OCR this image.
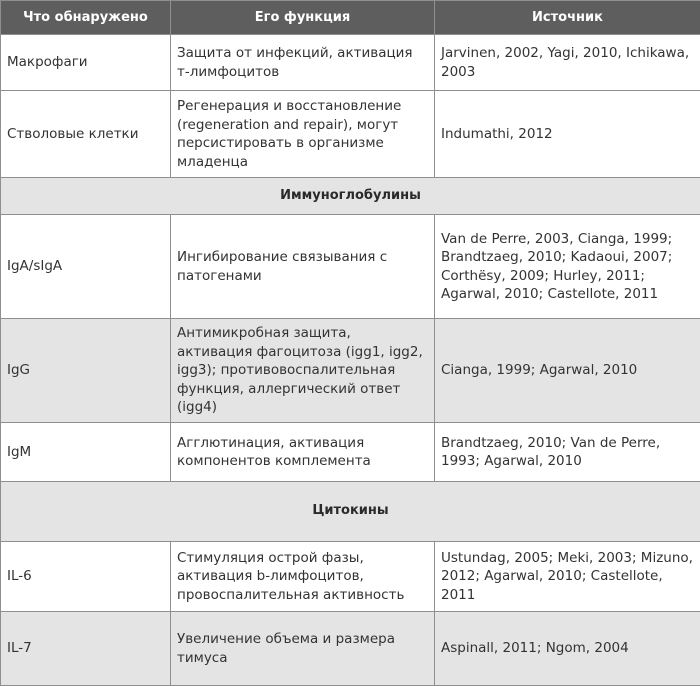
Что обнаружено	Его функция	Источник
Макрофаги	Защита от инфекций, активация т-лимфоцитов	Jarvinen, 2002, Yagi, 2010, Ichikawa, 2003
Стволовые клетки	Регенерация и восстановление (regeneration and repair), могут персистировать в организме младенца	Indumathi, 2012
Иммуноглобулины		
IgA/sIgA	Ингибирование связывания с патогенами	Van de Perre, 2003, Cianga, 1999; Brandtzaeg, 2010; Kadaoui, 2007; Corthësy, 2009; Hurley, 2011; Agarwal, 2010; Castellote, 2011
IgG	Антимикробная защита, активация фагоцитоза (igg1, igg2, igg3); противовоспалительная функция, аллергический ответ (igg4)	Cianga, 1999; Agarwal, 2010
IgM	Агглютинация, активация компонентов комплемента	Brandtzaeg, 2010; Van de Perre, 1993; Agarwal, 2010
Цитокины		
IL-6	Стимуляция острой фазы, активация b-лимфоцитов, провоспалительная активность	Ustundag, 2005; Meki, 2003; Mizuno, 2012; Agarwal, 2010; Castellote, 2011
IL-7	Увеличение объема и размера тимуса	Aspinall, 2011; Ngom, 2004
